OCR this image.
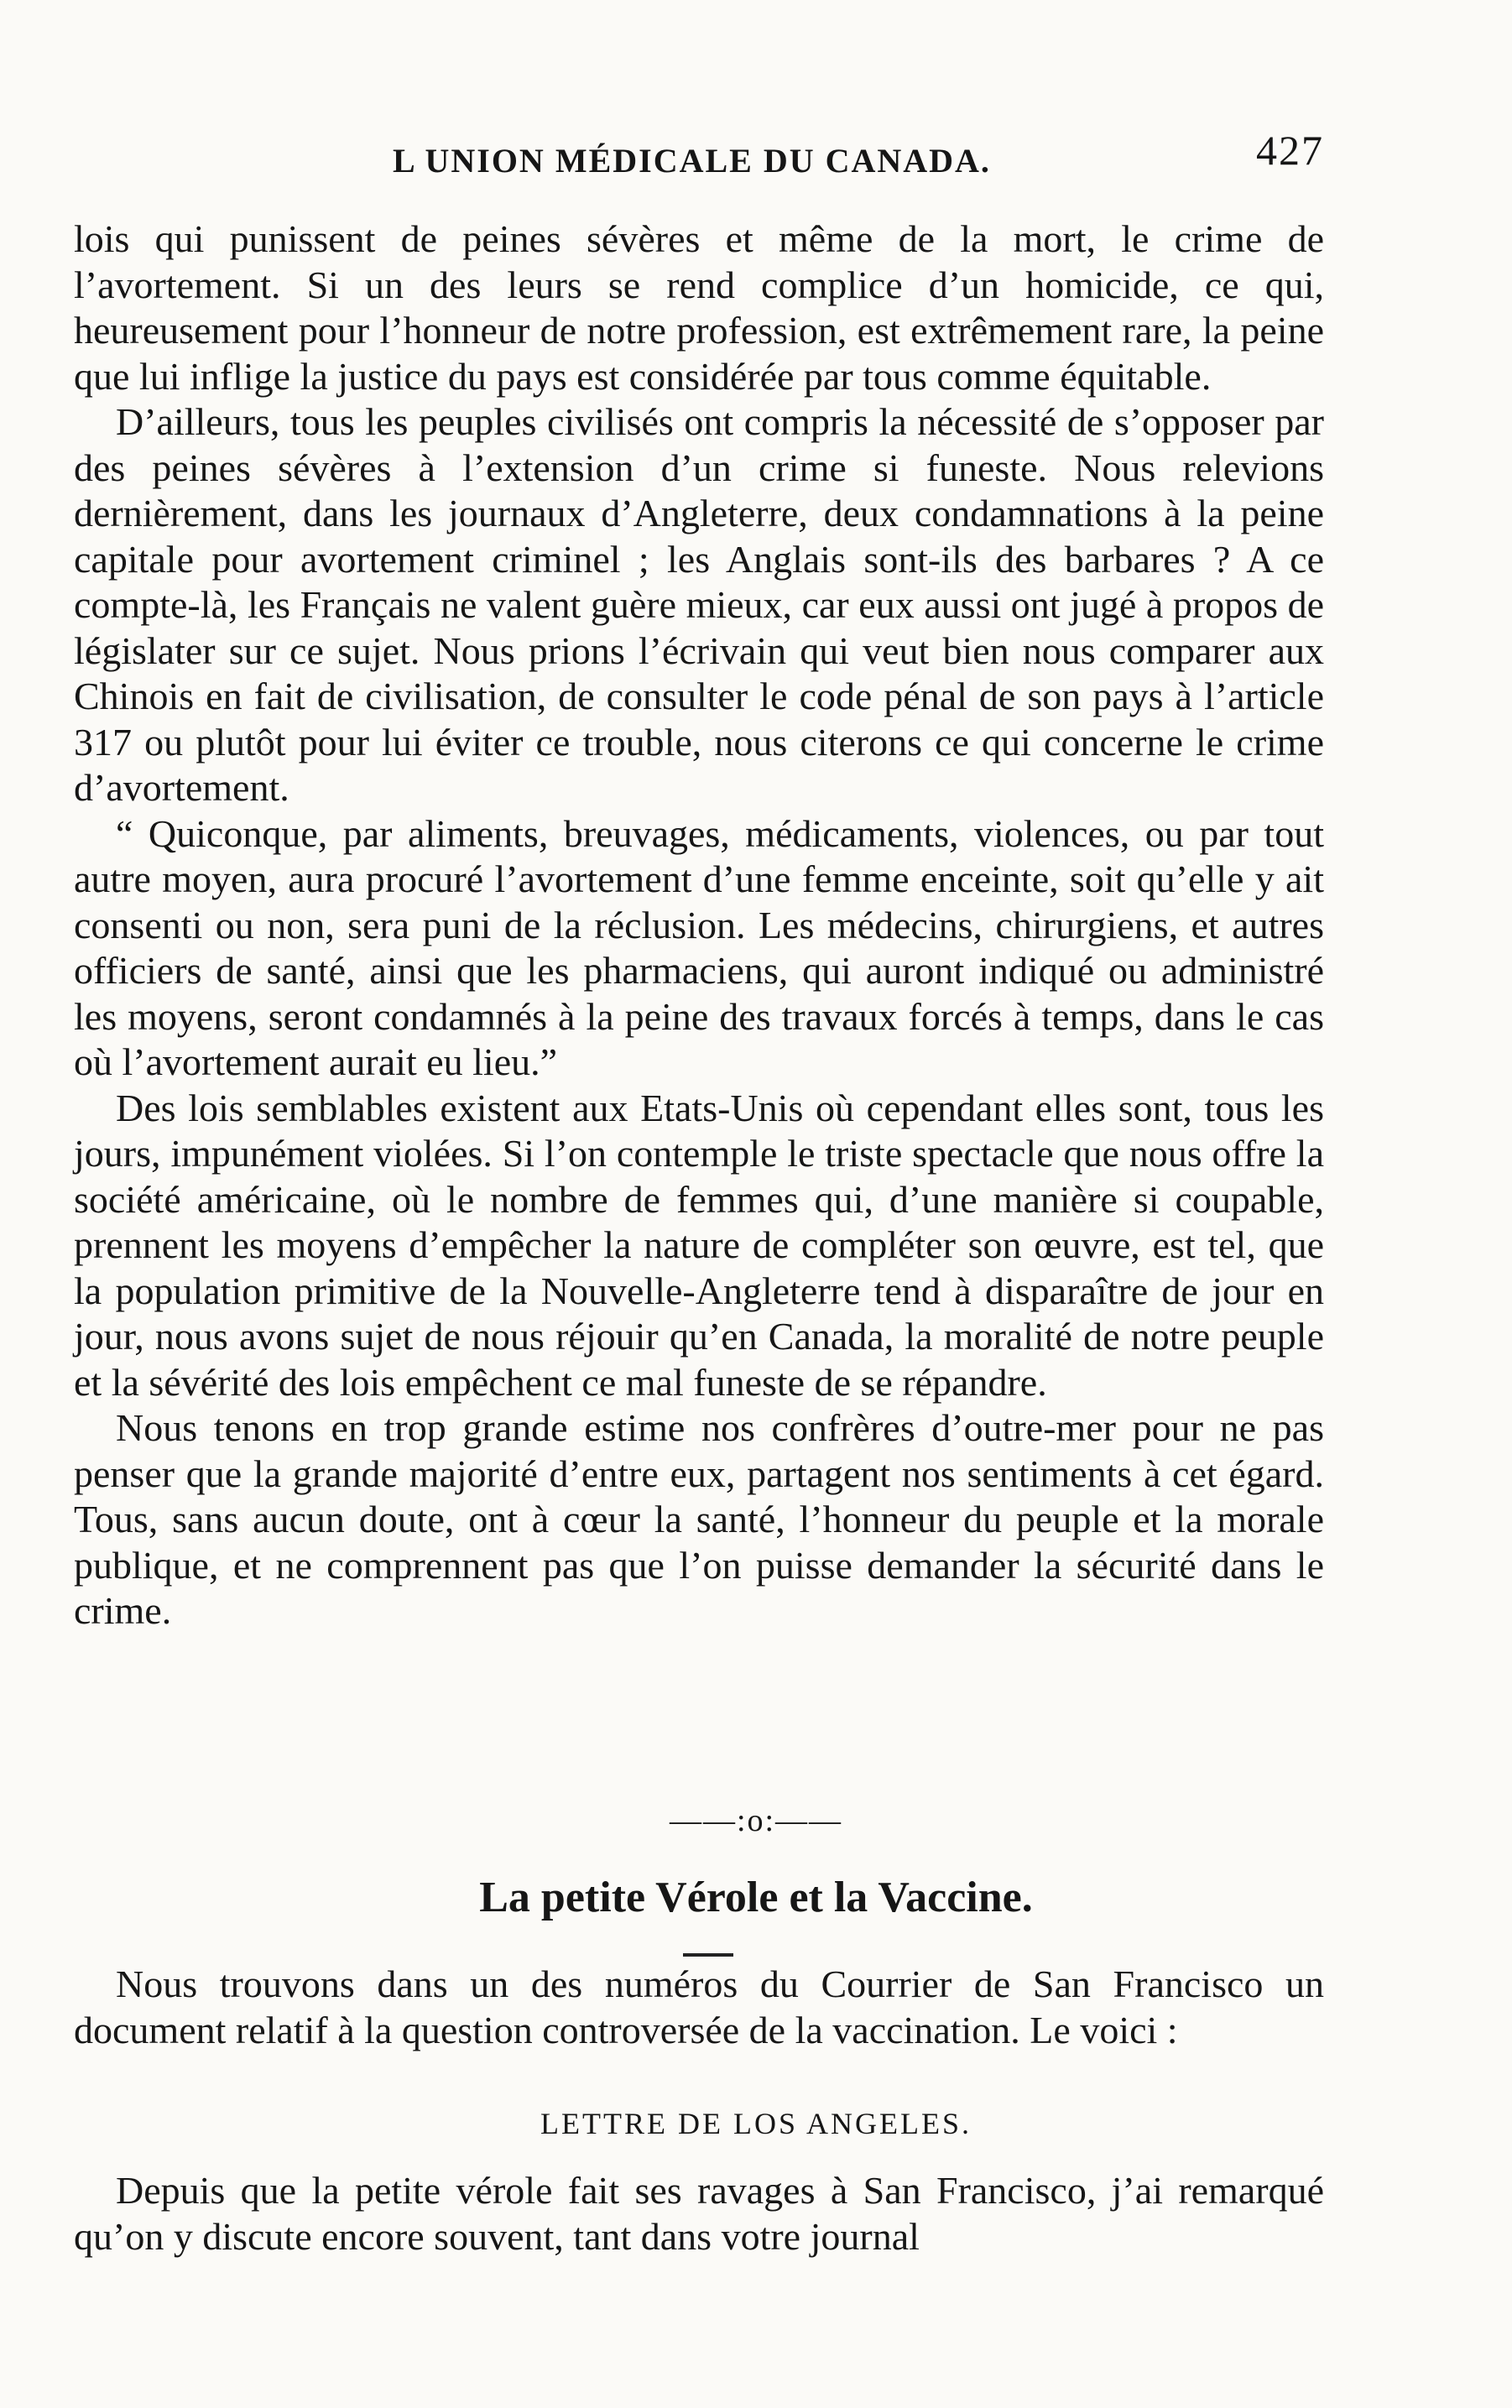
L UNION MÉDICALE DU CANADA.	427

lois qui punissent de peines sévères et même de la mort, le crime de l’avortement. Si un des leurs se rend complice d’un homicide, ce qui, heureusement pour l’honneur de notre profession, est extrêmement rare, la peine que lui inflige la justice du pays est considérée par tous comme équitable.

D’ailleurs, tous les peuples civilisés ont compris la nécessité de s’opposer par des peines sévères à l’extension d’un crime si funeste. Nous relevions dernièrement, dans les journaux d’Angleterre, deux condamnations à la peine capitale pour avortement criminel ; les Anglais sont-ils des barbares ? A ce compte-là, les Français ne valent guère mieux, car eux aussi ont jugé à propos de législater sur ce sujet. Nous prions l’écrivain qui veut bien nous comparer aux Chinois en fait de civilisation, de consulter le code pénal de son pays à l’article 317 ou plutôt pour lui éviter ce trouble, nous citerons ce qui concerne le crime d’avortement.

“ Quiconque, par aliments, breuvages, médicaments, violences, ou par tout autre moyen, aura procuré l’avortement d’une femme enceinte, soit qu’elle y ait consenti ou non, sera puni de la réclusion. Les médecins, chirurgiens, et autres officiers de santé, ainsi que les pharmaciens, qui auront indiqué ou administré les moyens, seront condamnés à la peine des travaux forcés à temps, dans le cas où l’avortement aurait eu lieu.”

Des lois semblables existent aux Etats-Unis où cependant elles sont, tous les jours, impunément violées. Si l’on contemple le triste spectacle que nous offre la société américaine, où le nombre de femmes qui, d’une manière si coupable, prennent les moyens d’empêcher la nature de compléter son œuvre, est tel, que la population primitive de la Nouvelle-Angleterre tend à disparaître de jour en jour, nous avons sujet de nous réjouir qu’en Canada, la moralité de notre peuple et la sévérité des lois empêchent ce mal funeste de se répandre.

Nous tenons en trop grande estime nos confrères d’outre-mer pour ne pas penser que la grande majorité d’entre eux, partagent nos sentiments à cet égard. Tous, sans aucun doute, ont à cœur la santé, l’honneur du peuple et la morale publique, et ne comprennent pas que l’on puisse demander la sécurité dans le crime.

——:o:——
La petite Vérole et la Vaccine.

Nous trouvons dans un des numéros du Courrier de San Francisco un document relatif à la question controversée de la vaccination. Le voici :

LETTRE DE LOS ANGELES.

Depuis que la petite vérole fait ses ravages à San Francisco, j’ai remarqué qu’on y discute encore souvent, tant dans votre journal
